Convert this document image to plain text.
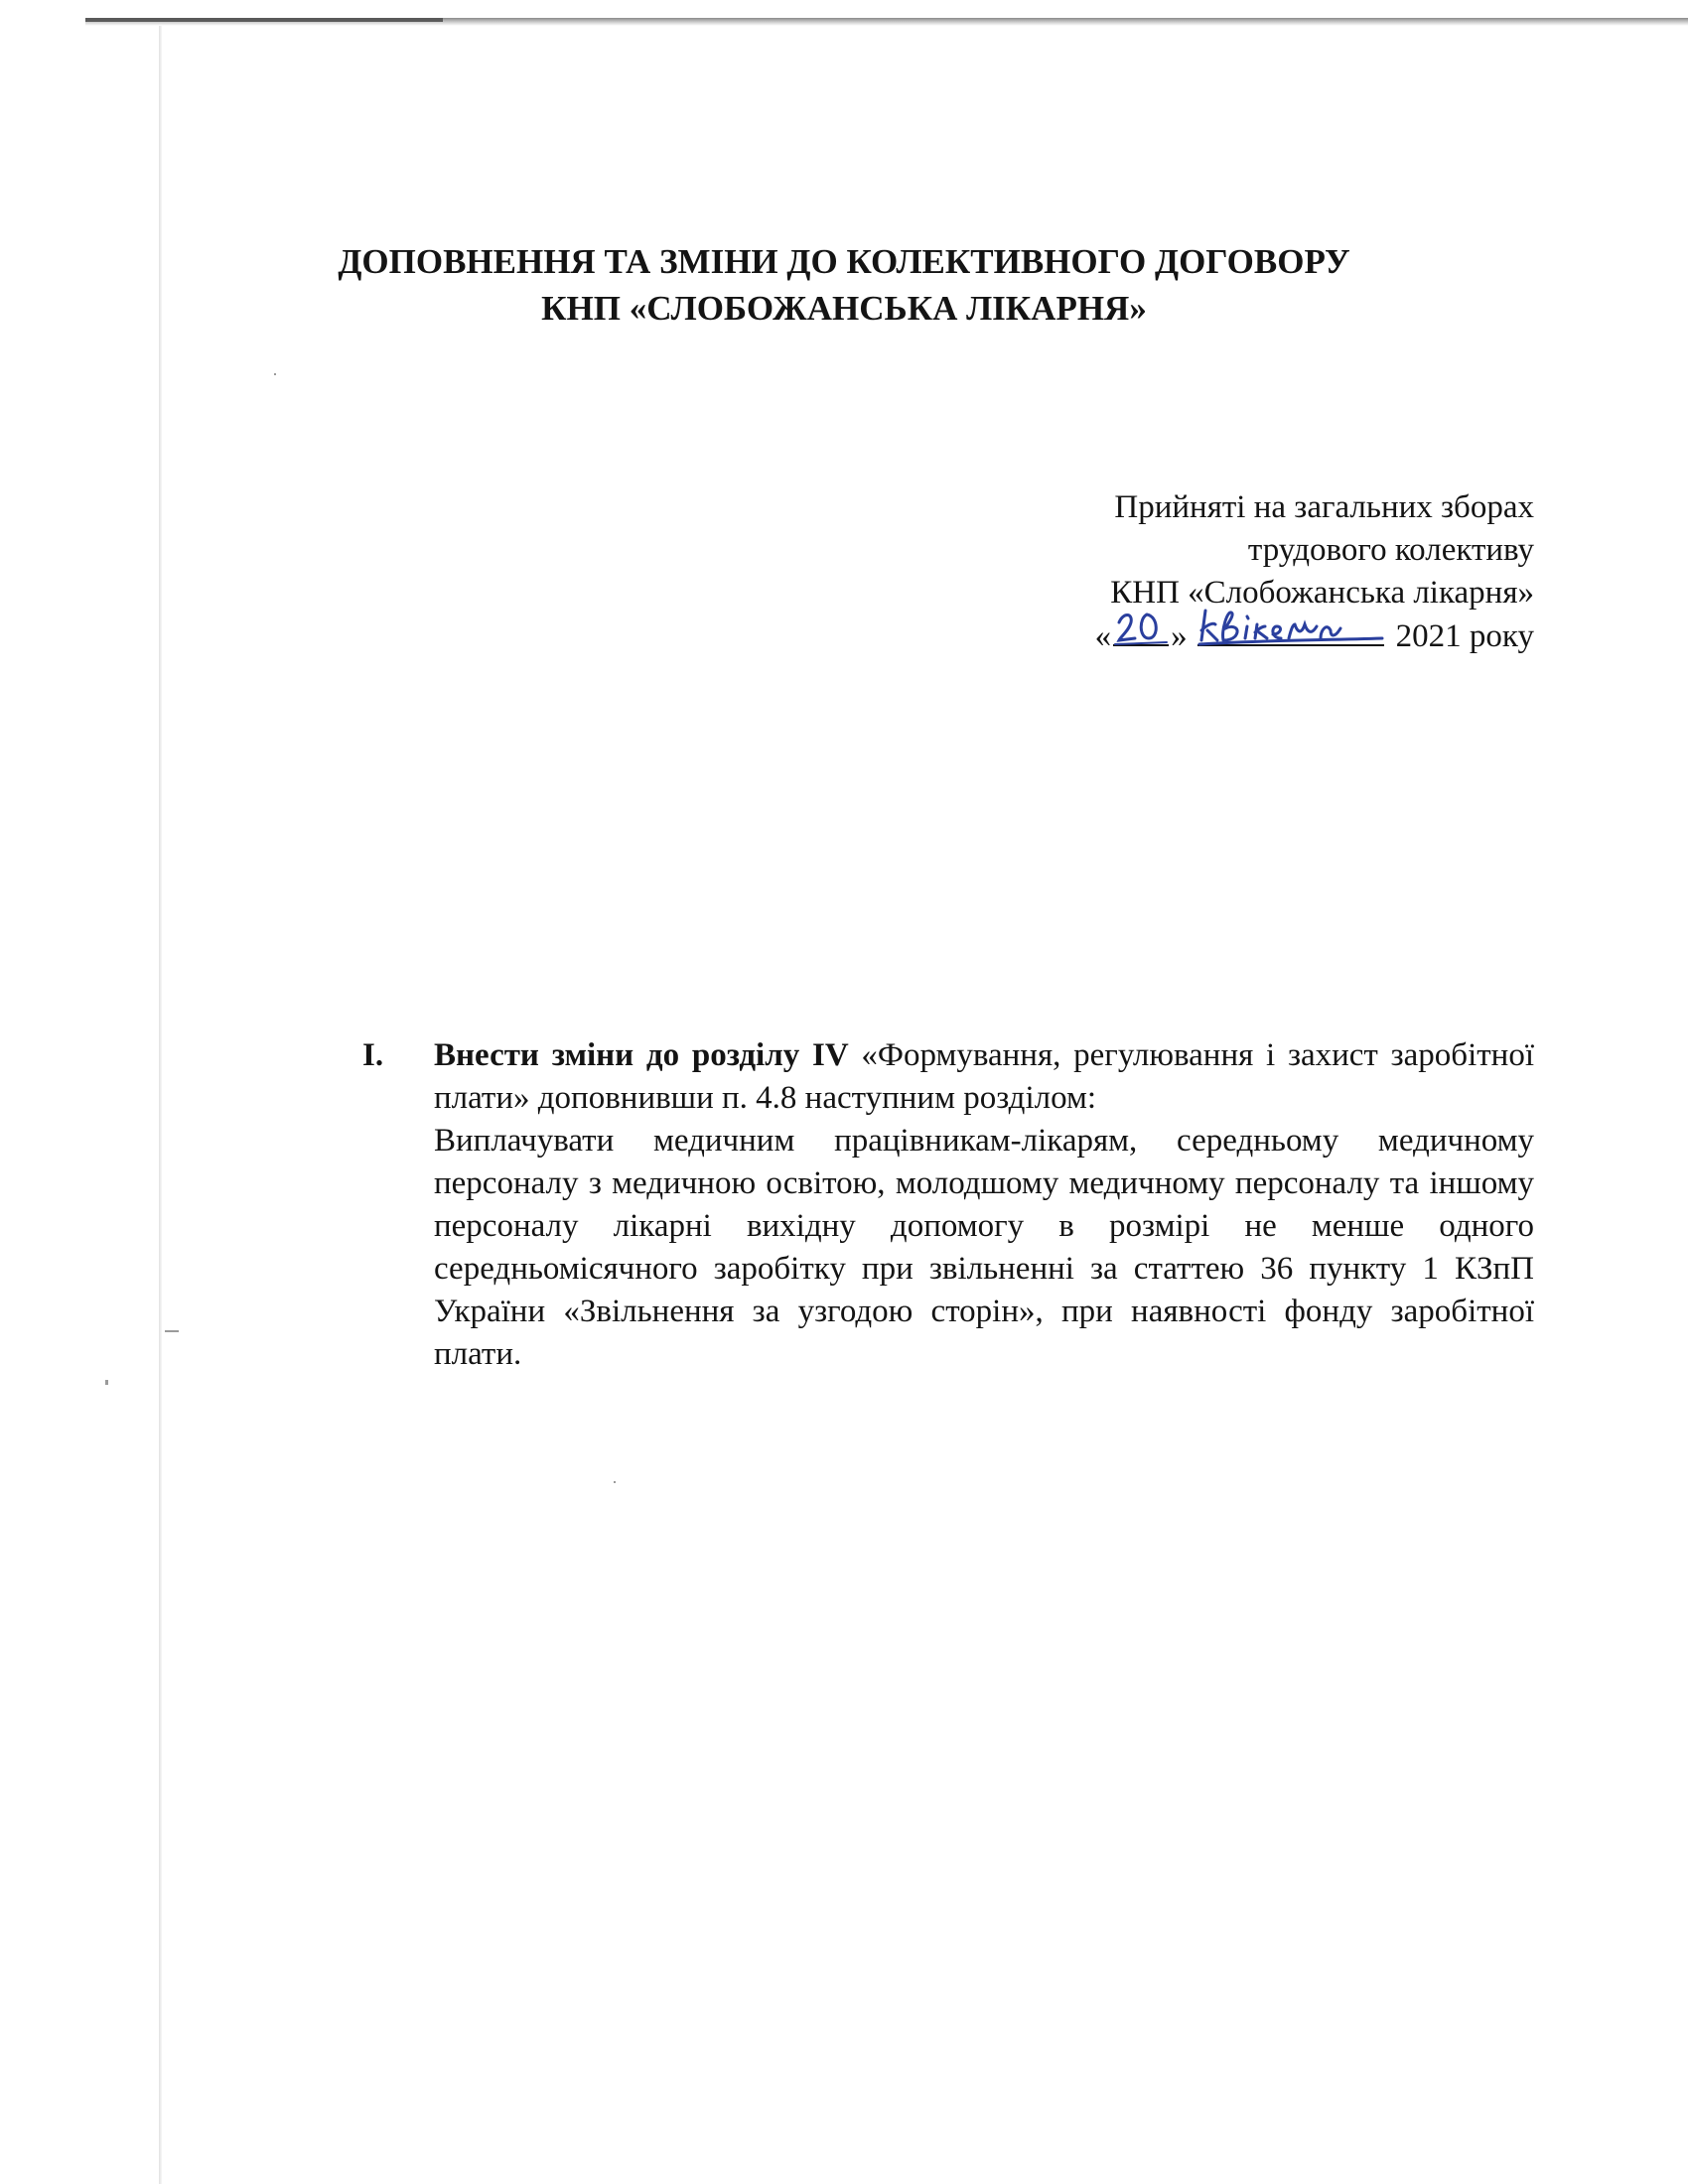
ДОПОВНЕННЯ ТА ЗМІНИ ДО КОЛЕКТИВНОГО ДОГОВОРУ
КНП «СЛОБОЖАНСЬКА ЛІКАРНЯ»
Прийняті на загальних зборах
трудового колективу
КНП «Слобожанська лікарня»
« »	2021 року
I. Внести зміни до розділу IV «Формування, регулювання і захист заробітної плати» доповнивши п. 4.8 наступним розділом:
Виплачувати медичним працівникам-лікарям, середньому медичному персоналу з медичною освітою, молодшому медичному персоналу та іншому персоналу лікарні вихідну допомогу в розмірі не менше одного середньомісячного заробітку при звільненні за статтею 36 пункту 1 КЗпП України «Звільнення за узгодою сторін», при наявності фонду заробітної плати.
